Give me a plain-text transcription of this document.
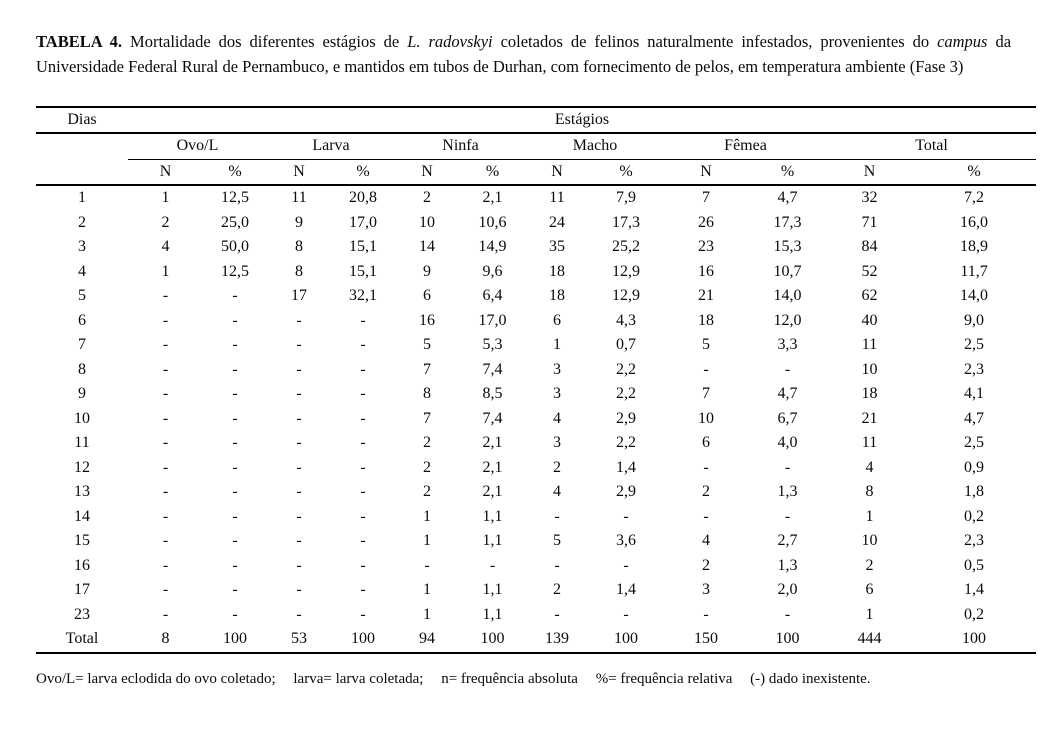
TABELA 4. Mortalidade dos diferentes estágios de L. radovskyi coletados de felinos naturalmente infestados, provenientes do campus da Universidade Federal Rural de Pernambuco, e mantidos em tubos de Durhan, com fornecimento de pelos, em temperatura ambiente (Fase 3)

Dias	Estágios											
	Ovo/L		Larva		Ninfa		Macho		Fêmea		Total	
	N	%	N	%	N	%	N	%	N	%	N	%
1	1	12,5	11	20,8	2	2,1	11	7,9	7	4,7	32	7,2
2	2	25,0	9	17,0	10	10,6	24	17,3	26	17,3	71	16,0
3	4	50,0	8	15,1	14	14,9	35	25,2	23	15,3	84	18,9
4	1	12,5	8	15,1	9	9,6	18	12,9	16	10,7	52	11,7
5	-	-	17	32,1	6	6,4	18	12,9	21	14,0	62	14,0
6	-	-	-	-	16	17,0	6	4,3	18	12,0	40	9,0
7	-	-	-	-	5	5,3	1	0,7	5	3,3	11	2,5
8	-	-	-	-	7	7,4	3	2,2	-	-	10	2,3
9	-	-	-	-	8	8,5	3	2,2	7	4,7	18	4,1
10	-	-	-	-	7	7,4	4	2,9	10	6,7	21	4,7
11	-	-	-	-	2	2,1	3	2,2	6	4,0	11	2,5
12	-	-	-	-	2	2,1	2	1,4	-	-	4	0,9
13	-	-	-	-	2	2,1	4	2,9	2	1,3	8	1,8
14	-	-	-	-	1	1,1	-	-	-	-	1	0,2
15	-	-	-	-	1	1,1	5	3,6	4	2,7	10	2,3
16	-	-	-	-	-	-	-	-	2	1,3	2	0,5
17	-	-	-	-	1	1,1	2	1,4	3	2,0	6	1,4
23	-	-	-	-	1	1,1	-	-	-	-	1	0,2
Total	8	100	53	100	94	100	139	100	150	100	444	100

Ovo/L= larva eclodida do ovo coletado; larva= larva coletada; n= frequência absoluta %= frequência relativa (-) dado inexistente.
